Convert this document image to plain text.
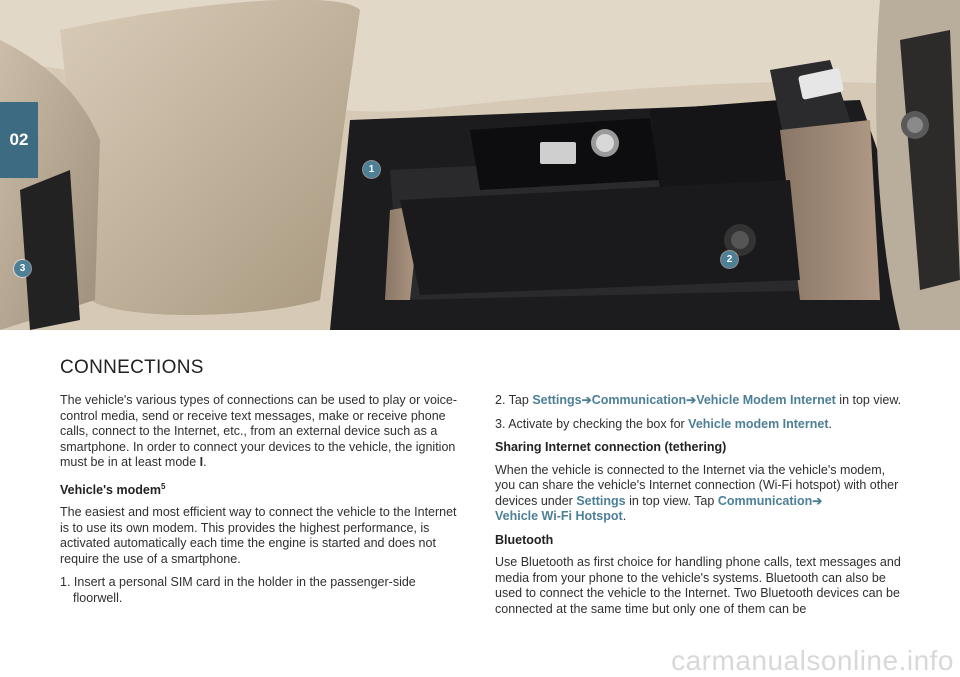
02
1
2
3
CONNECTIONS

The vehicle's various types of connections can be used to play or voice-control media, send or receive text messages, make or receive phone calls, connect to the Internet, etc., from an external device such as a smartphone. In order to connect your devices to the vehicle, the ignition must be in at least mode I.

Vehicle's modem$^5$

The easiest and most efficient way to connect the vehicle to the Internet is to use its own modem. This provides the highest performance, is activated automatically each time the engine is started and does not require the use of a smartphone.

1. Insert a personal SIM card in the holder in the passenger-side floorwell.

2. Tap Settings➔Communication➔Vehicle Modem Internet in top view.

3. Activate by checking the box for Vehicle modem Internet.

Sharing Internet connection (tethering)

When the vehicle is connected to the Internet via the vehicle's modem, you can share the vehicle's Internet connection (Wi-Fi hotspot) with other devices under Settings in top view. Tap Communication➔
Vehicle Wi-Fi Hotspot.

Bluetooth

Use Bluetooth as first choice for handling phone calls, text messages and media from your phone to the vehicle's systems. Bluetooth can also be used to connect the vehicle to the Internet. Two Bluetooth devices can be connected at the same time but only one of them can be

carmanualsonline.info
